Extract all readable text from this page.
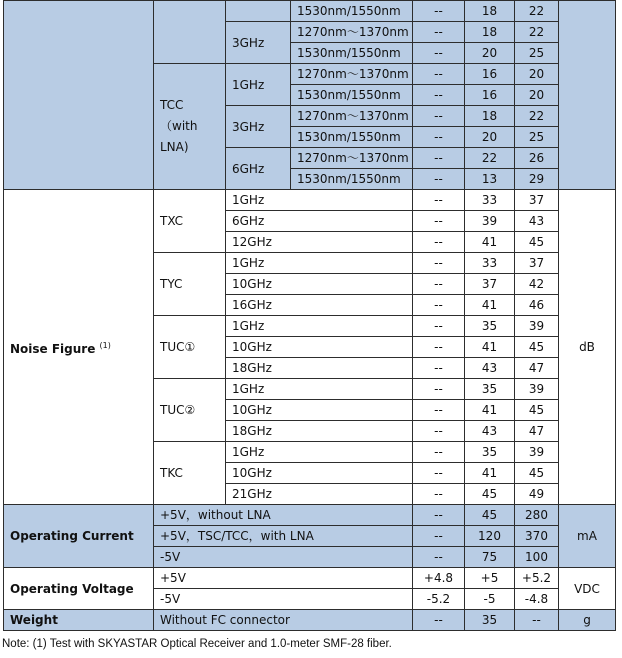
			1530nm/1550nm	--	18	22	
		3GHz	1270nm～1370nm	--	18	22	
			1530nm/1550nm	--	20	25	
	TCC（with LNA)	1GHz	1270nm～1370nm	--	16	20	
			1530nm/1550nm	--	16	20	
		3GHz	1270nm～1370nm	--	18	22	
			1530nm/1550nm	--	20	25	
		6GHz	1270nm～1370nm	--	22	26	
			1530nm/1550nm	--	13	29	
Noise Figure $^{(1)}$	TXC	1GHz		--	33	37	dB
		6GHz		--	39	43	
		12GHz		--	41	45	
	TYC	1GHz		--	33	37	
		10GHz		--	37	42	
		16GHz		--	41	46	
	TUC①	1GHz		--	35	39	
		10GHz		--	41	45	
		18GHz		--	43	47	
	TUC②	1GHz		--	35	39	
		10GHz		--	41	45	
		18GHz		--	43	47	
	TKC	1GHz		--	35	39	
		10GHz		--	41	45	
		21GHz		--	45	49	
Operating Current	+5V，without LNA			--	45	280	mA
	+5V，TSC/TCC，with LNA			--	120	370	
	-5V			--	75	100	
Operating Voltage	+5V			+4.8	+5	+5.2	VDC
	-5V			-5.2	-5	-4.8	
Weight	Without FC connector			--	35	--	g
Note: (1) Test with SKYASTAR Optical Receiver and 1.0-meter SMF-28 fiber.
